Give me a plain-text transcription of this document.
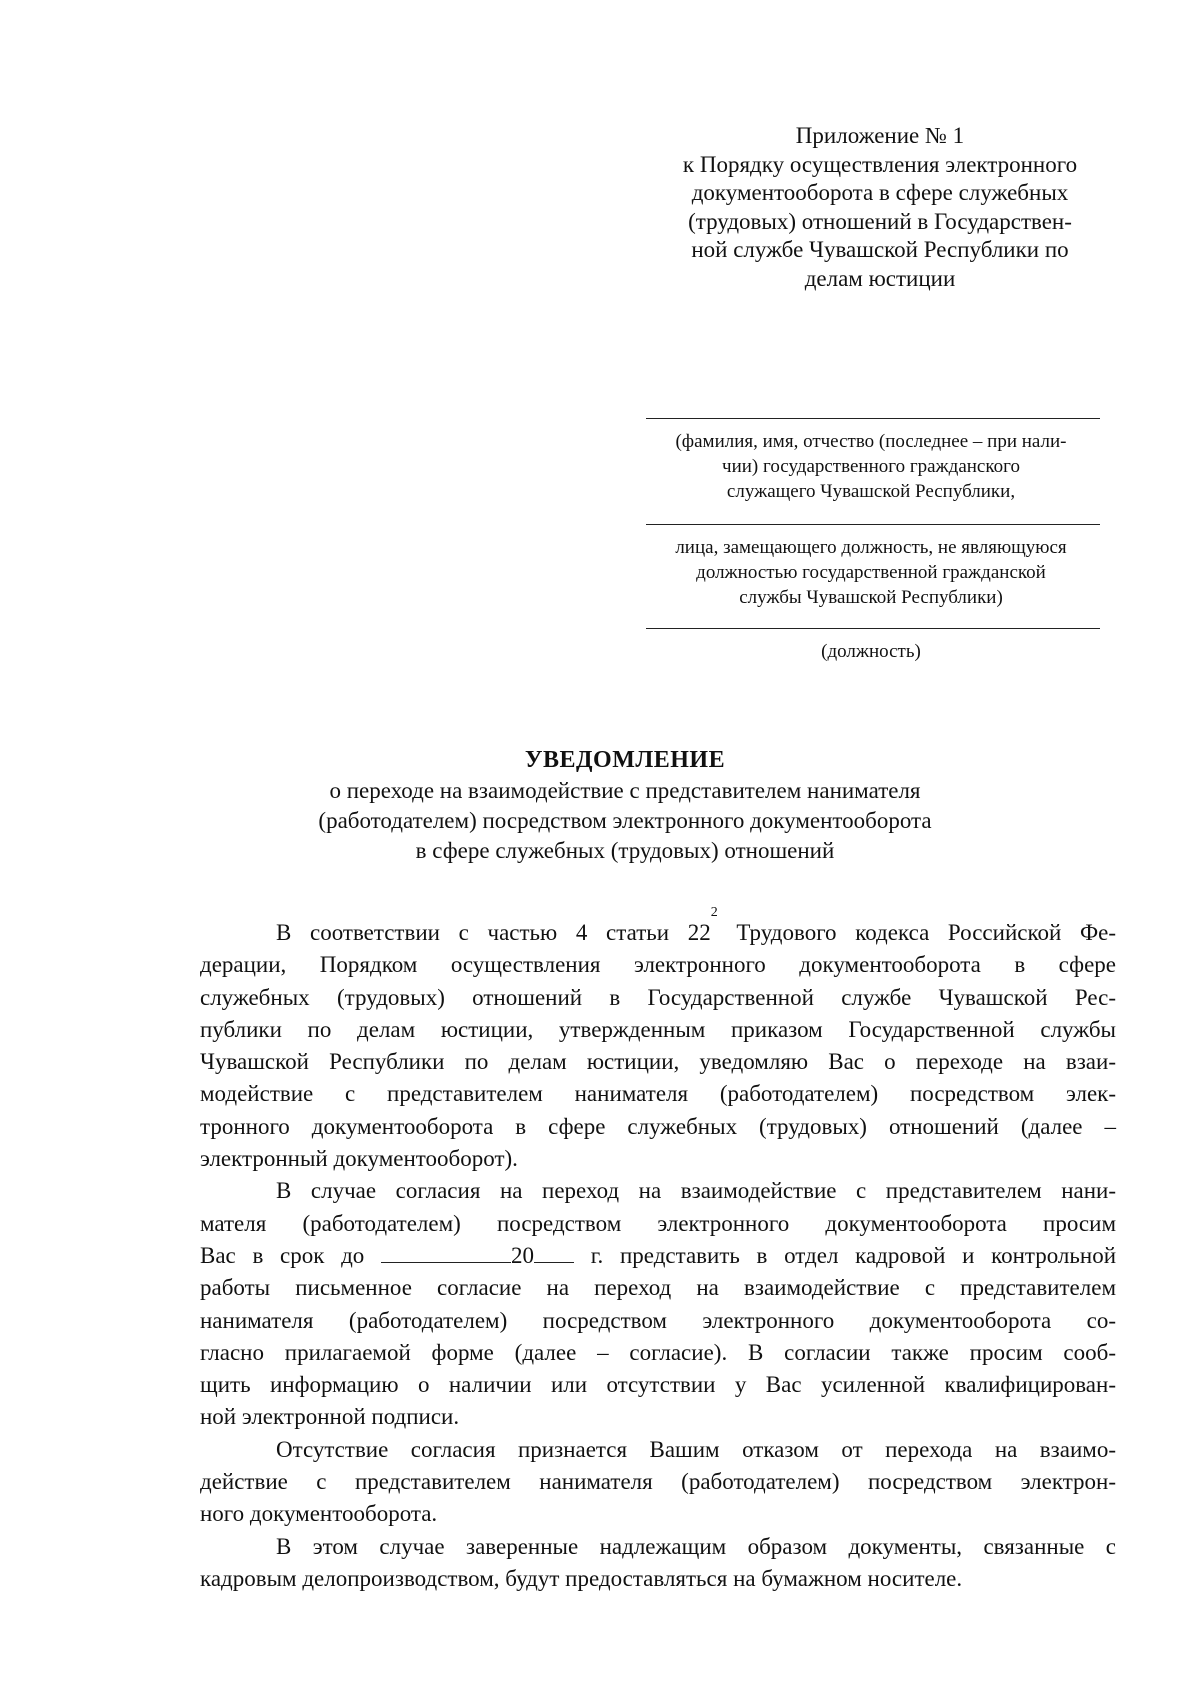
Приложение № 1
к Порядку осуществления электронного
документооборота в сфере служебных
(трудовых) отношений в Государствен-
ной службе Чувашской Республики по
делам юстиции
(фамилия, имя, отчество (последнее – при нали-
чии) государственного гражданского
служащего Чувашской Республики,
лица, замещающего должность, не являющуюся
должностью государственной гражданской
службы Чувашской Республики)
(должность)
УВЕДОМЛЕНИЕ
о переходе на взаимодействие с представителем нанимателя
(работодателем) посредством электронного документооборота
в сфере служебных (трудовых) отношений
В соответствии с частью 4 статьи 22$^2$ Трудового кодекса Российской Фе-
дерации, Порядком осуществления электронного документооборота в сфере
служебных (трудовых) отношений в Государственной службе Чувашской Рес-
публики по делам юстиции, утвержденным приказом Государственной службы
Чувашской Республики по делам юстиции, уведомляю Вас о переходе на взаи-
модействие с представителем нанимателя (работодателем) посредством элек-
тронного документооборота в сфере служебных (трудовых) отношений (далее –
электронный документооборот).
В случае согласия на переход на взаимодействие с представителем нани-
мателя (работодателем) посредством электронного документооборота просим
Вас в срок до	20 г. представить в отдел кадровой и контрольной
работы письменное согласие на переход на взаимодействие с представителем
нанимателя (работодателем) посредством электронного документооборота со-
гласно прилагаемой форме (далее – согласие). В согласии также просим сооб-
щить информацию о наличии или отсутствии у Вас усиленной квалифицирован-
ной электронной подписи.
Отсутствие согласия признается Вашим отказом от перехода на взаимо-
действие с представителем нанимателя (работодателем) посредством электрон-
ного документооборота.
В этом случае заверенные надлежащим образом документы, связанные с
кадровым делопроизводством, будут предоставляться на бумажном носителе.
